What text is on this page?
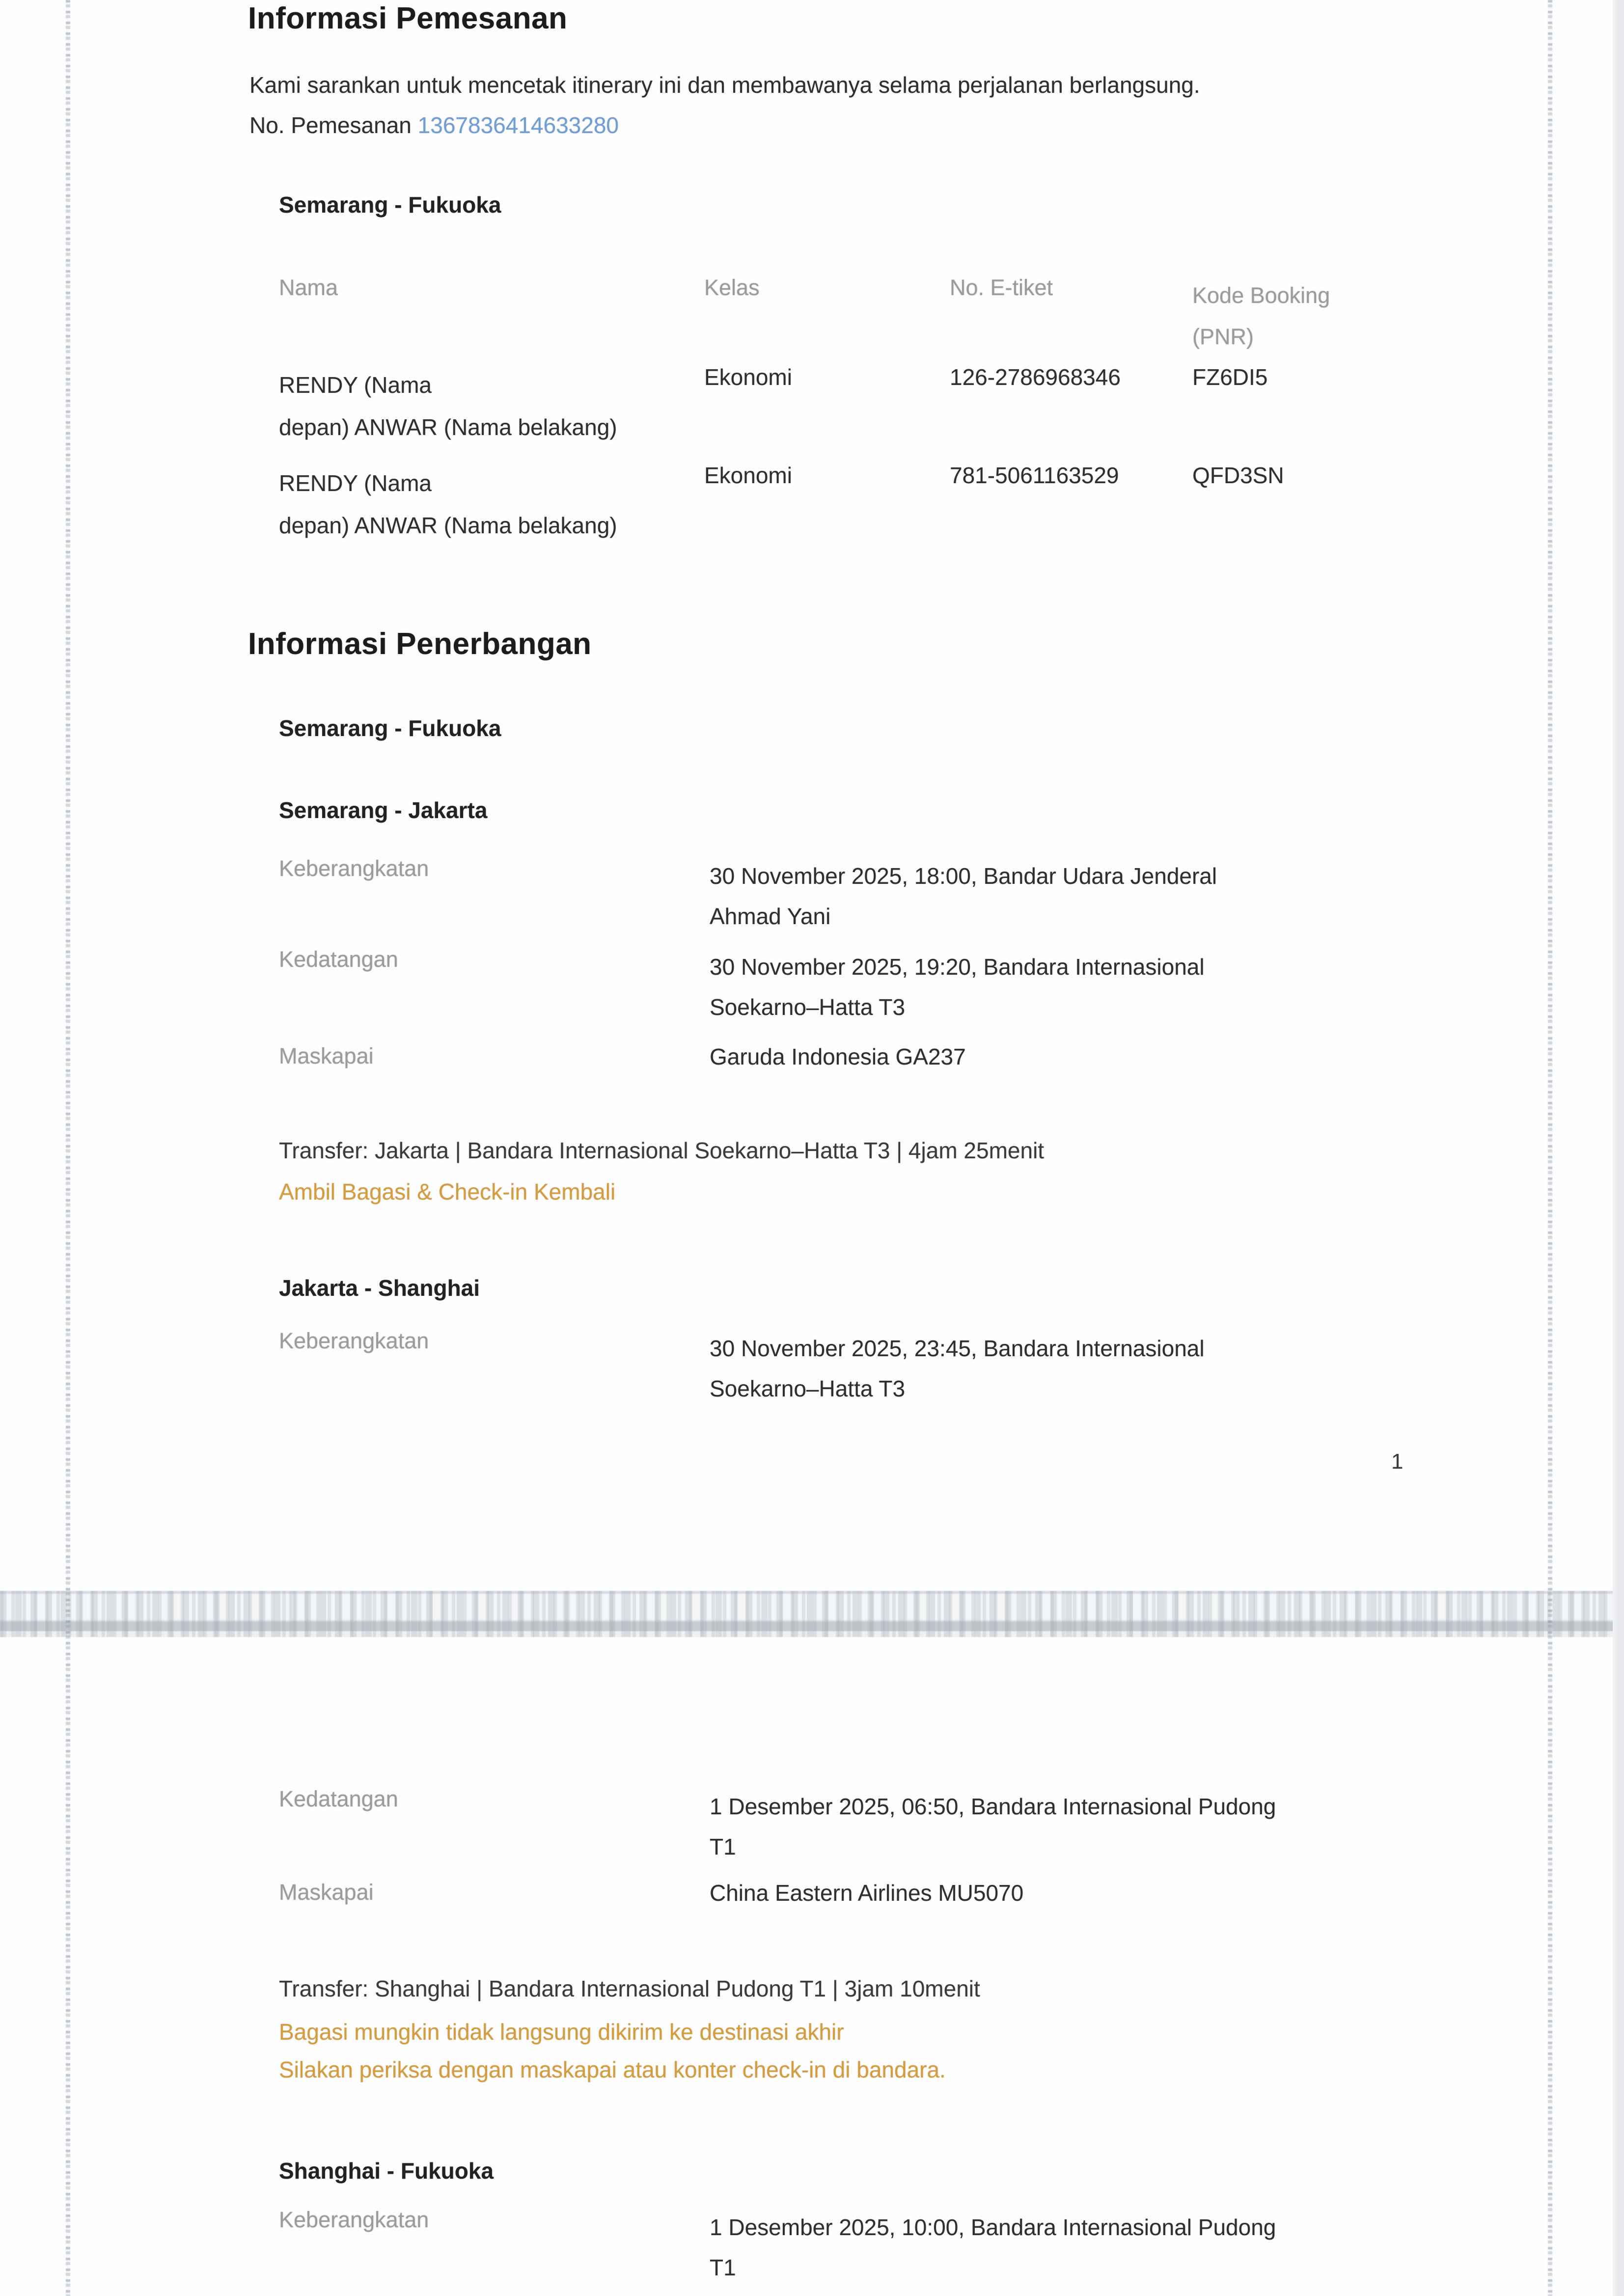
Informasi Pemesanan
Kami sarankan untuk mencetak itinerary ini dan membawanya selama perjalanan berlangsung.
No. Pemesanan 1367836414633280
Semarang - Fukuoka
Nama	Kelas	No. E-tiket	Kode Booking
(PNR)
RENDY (Nama
depan) ANWAR (Nama belakang)
Ekonomi	126-2786968346	FZ6DI5
RENDY (Nama
depan) ANWAR (Nama belakang)
Ekonomi	781-5061163529	QFD3SN
Informasi Penerbangan
Semarang - Fukuoka
Semarang - Jakarta
Keberangkatan	30 November 2025, 18:00, Bandar Udara Jenderal
Ahmad Yani
Kedatangan	30 November 2025, 19:20, Bandara Internasional
Soekarno–Hatta T3
Maskapai	Garuda Indonesia GA237
Transfer: Jakarta | Bandara Internasional Soekarno–Hatta T3 | 4jam 25menit
Ambil Bagasi & Check-in Kembali
Jakarta - Shanghai
Keberangkatan	30 November 2025, 23:45, Bandara Internasional
Soekarno–Hatta T3
1
Kedatangan	1 Desember 2025, 06:50, Bandara Internasional Pudong
T1
Maskapai	China Eastern Airlines MU5070
Transfer: Shanghai | Bandara Internasional Pudong T1 | 3jam 10menit
Bagasi mungkin tidak langsung dikirim ke destinasi akhir
Silakan periksa dengan maskapai atau konter check-in di bandara.
Shanghai - Fukuoka
Keberangkatan	1 Desember 2025, 10:00, Bandara Internasional Pudong
T1
